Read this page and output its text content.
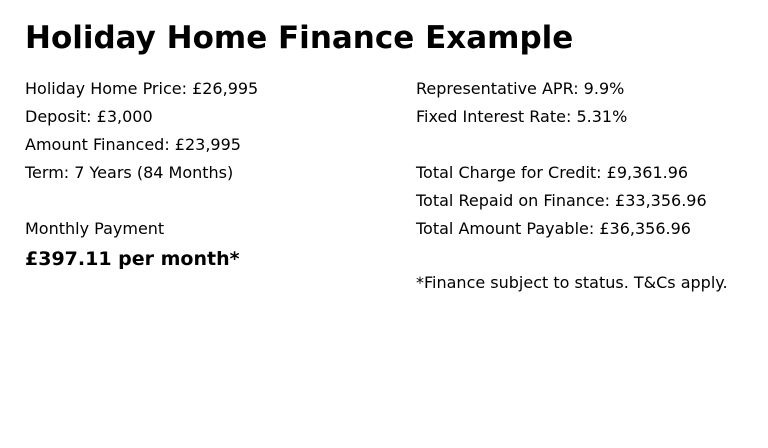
Holiday Home Finance Example
Holiday Home Price: £26,995
Deposit: £3,000
Amount Financed: £23,995
Term: 7 Years (84 Months)
Monthly Payment
£397.11 per month*
Representative APR: 9.9%
Fixed Interest Rate: 5.31%
Total Charge for Credit: £9,361.96
Total Repaid on Finance: £33,356.96
Total Amount Payable: £36,356.96
*Finance subject to status. T&Cs apply.
